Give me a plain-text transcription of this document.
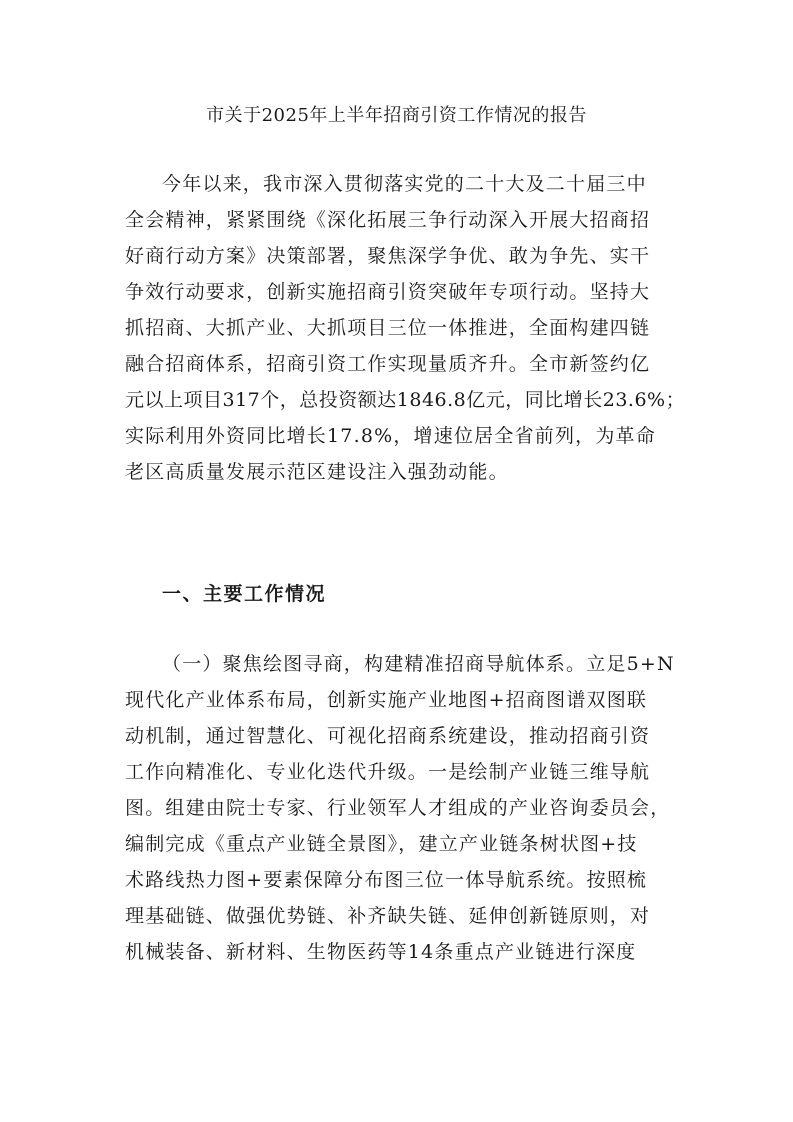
市关于2025年上半年招商引资工作情况的报告
今年以来，我市深入贯彻落实党的二十大及二十届三中
全会精神，紧紧围绕《深化拓展三争行动深入开展大招商招
好商行动方案》决策部署，聚焦深学争优、敢为争先、实干
争效行动要求，创新实施招商引资突破年专项行动。坚持大
抓招商、大抓产业、大抓项目三位一体推进，全面构建四链
融合招商体系，招商引资工作实现量质齐升。全市新签约亿
元以上项目317个，总投资额达1846.8亿元，同比增长23.6%；
实际利用外资同比增长17.8%，增速位居全省前列，为革命
老区高质量发展示范区建设注入强劲动能。
一、主要工作情况
（一）聚焦绘图寻商，构建精准招商导航体系。立足5+N
现代化产业体系布局，创新实施产业地图+招商图谱双图联
动机制，通过智慧化、可视化招商系统建设，推动招商引资
工作向精准化、专业化迭代升级。一是绘制产业链三维导航
图。组建由院士专家、行业领军人才组成的产业咨询委员会，
编制完成《重点产业链全景图》，建立产业链条树状图+技
术路线热力图+要素保障分布图三位一体导航系统。按照梳
理基础链、做强优势链、补齐缺失链、延伸创新链原则，对
机械装备、新材料、生物医药等14条重点产业链进行深度
